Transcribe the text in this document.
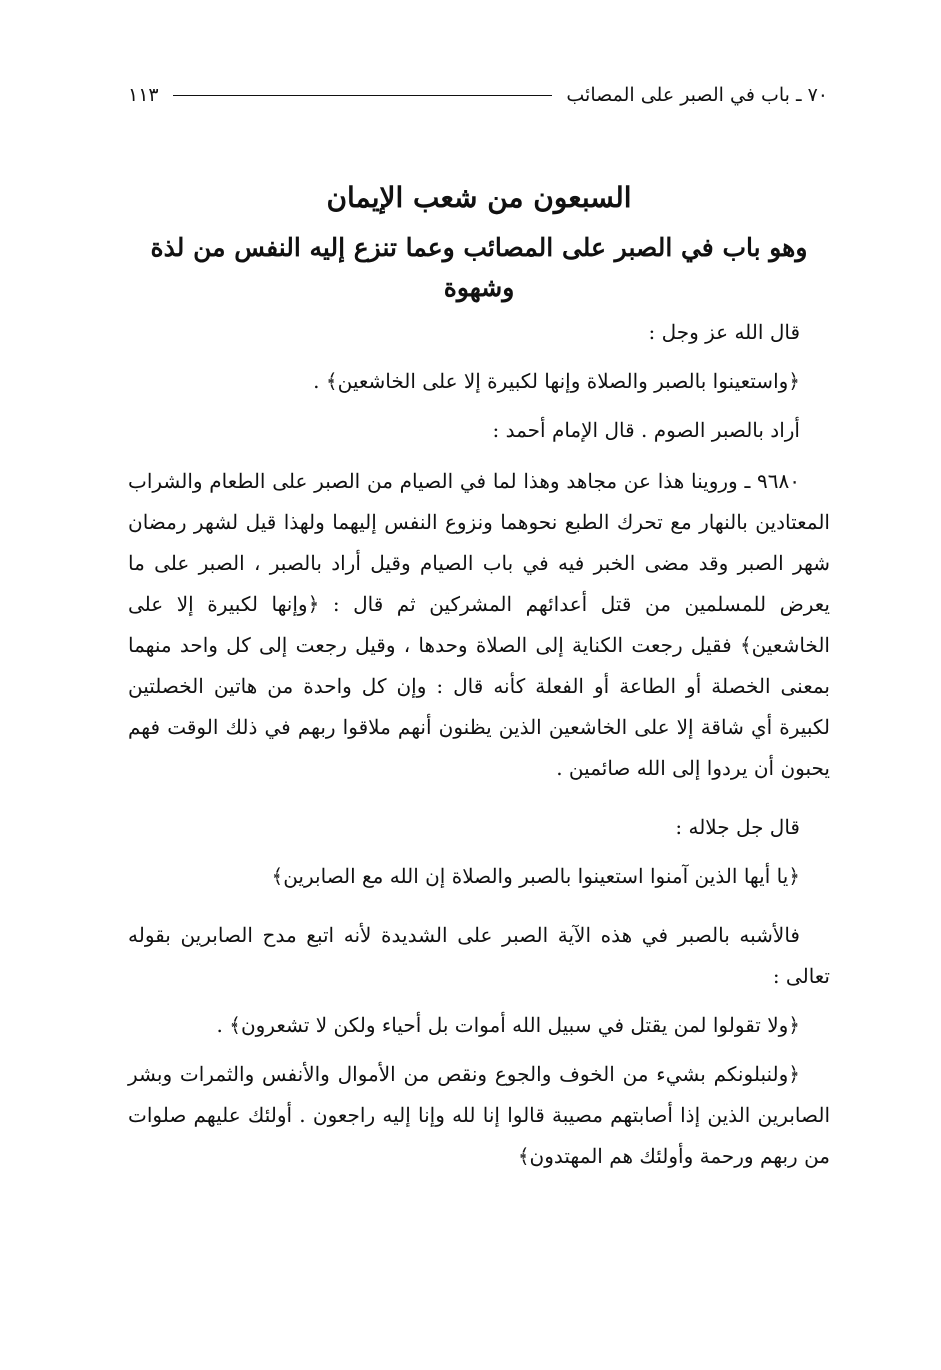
٧٠ ـ باب في الصبر على المصائب
١١٣
السبعون من شعب الإيمان
وهو باب في الصبر على المصائب وعما تنزع إليه النفس من لذة وشهوة

قال الله عز وجل :

﴿واستعينوا بالصبر والصلاة وإنها لكبيرة إلا على الخاشعين﴾ .

أراد بالصبر الصوم . قال الإمام أحمد :

٩٦٨٠ ـ وروينا هذا عن مجاهد وهذا لما في الصيام من الصبر على الطعام والشراب المعتادين بالنهار مع تحرك الطبع نحوهما ونزوع النفس إليهما ولهذا قيل لشهر رمضان شهر الصبر وقد مضى الخبر فيه في باب الصيام وقيل أراد بالصبر ، الصبر على ما يعرض للمسلمين من قتل أعدائهم المشركين ثم قال : ﴿وإنها لكبيرة إلا على الخاشعين﴾ فقيل رجعت الكناية إلى الصلاة وحدها ، وقيل رجعت إلى كل واحد منهما بمعنى الخصلة أو الطاعة أو الفعلة كأنه قال : وإن كل واحدة من هاتين الخصلتين لكبيرة أي شاقة إلا على الخاشعين الذين يظنون أنهم ملاقوا ربهم في ذلك الوقت فهم يحبون أن يردوا إلى الله صائمين .

قال جل جلاله :

﴿يا أيها الذين آمنوا استعينوا بالصبر والصلاة إن الله مع الصابرين﴾

فالأشبه بالصبر في هذه الآية الصبر على الشديدة لأنه اتبع مدح الصابرين بقوله تعالى :

﴿ولا تقولوا لمن يقتل في سبيل الله أموات بل أحياء ولكن لا تشعرون﴾ .

﴿ولنبلونكم بشيء من الخوف والجوع ونقص من الأموال والأنفس والثمرات وبشر الصابرين الذين إذا أصابتهم مصيبة قالوا إنا لله وإنا إليه راجعون . أولئك عليهم صلوات من ربهم ورحمة وأولئك هم المهتدون﴾
